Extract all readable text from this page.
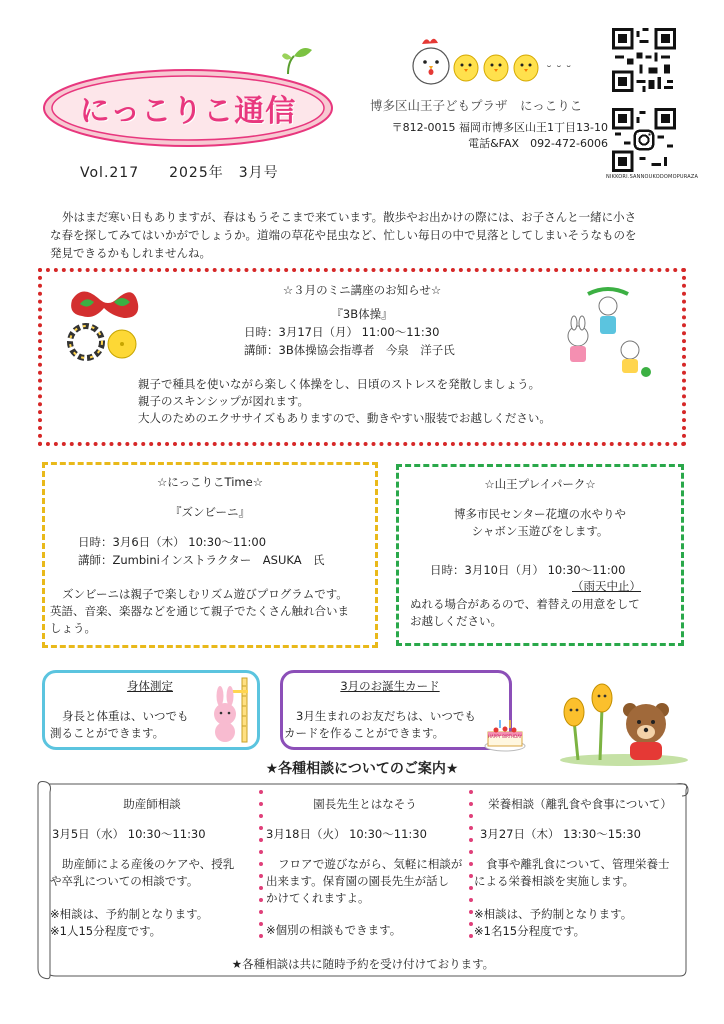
にっこりこ通信
˘ ˘ ˘
博多区山王子どもプラザ　にっこりこ
〒812-0015 福岡市博多区山王1丁目13-10
電話&FAX　092-472-6006
Vol.217　　2025年　3月号	NIKKORI.SANNOUKODOMOPURAZA
外はまだ寒い日もありますが、春はもうそこまで来ています。散歩やお出かけの際には、お子さんと一緒に小さ
な春を探してみてはいかがでしょうか。道端の草花や昆虫など、忙しい毎日の中で見落としてしまいそうなものを
発見できるかもしれませんね。
☆３月のミニ講座のお知らせ☆
『3B体操』
日時：3月17日（月） 11:00～11:30
講師：3B体操協会指導者　今泉　洋子氏
親子で種具を使いながら楽しく体操をし、日頃のストレスを発散しましょう。
親子のスキンシップが図れます。
大人のためのエクササイズもありますので、動きやすい服装でお越しください。
☆にっこりこTime☆
『ズンビーニ』
日時：3月6日（木） 10:30～11:00
講師：Zumbiniインストラクター　ASUKA　氏
ズンビーニは親子で楽しむリズム遊びプログラムです。
英語、音楽、楽器などを通じて親子でたくさん触れ合いま
しょう。
☆山王プレイパーク☆
博多市民センター花壇の水やりや
シャボン玉遊びをします。
日時：3月10日（月） 10:30～11:00
（雨天中止）
ぬれる場合があるので、着替えの用意をして
お越しください。
身体測定
身長と体重は、いつでも
測ることができます。
3月のお誕生カード
3月生まれのお友だちは、いつでも
カードを作ることができます。	HAPPY BIRTHDAY
★各種相談についてのご案内★
助産師相談
3月5日（水） 10:30～11:30
助産師による産後のケアや、授乳
や卒乳についての相談です。
※相談は、予約制となります。
※1人15分程度です。
園長先生とはなそう
3月18日（火） 10:30～11:30
フロアで遊びながら、気軽に相談が
出来ます。保育園の園長先生が話し
かけてくれますよ。
※個別の相談もできます。
栄養相談（離乳食や食事について）
3月27日（木） 13:30～15:30
食事や離乳食について、管理栄養士
による栄養相談を実施します。
※相談は、予約制となります。
※1名15分程度です。
★各種相談は共に随時予約を受け付けております。
